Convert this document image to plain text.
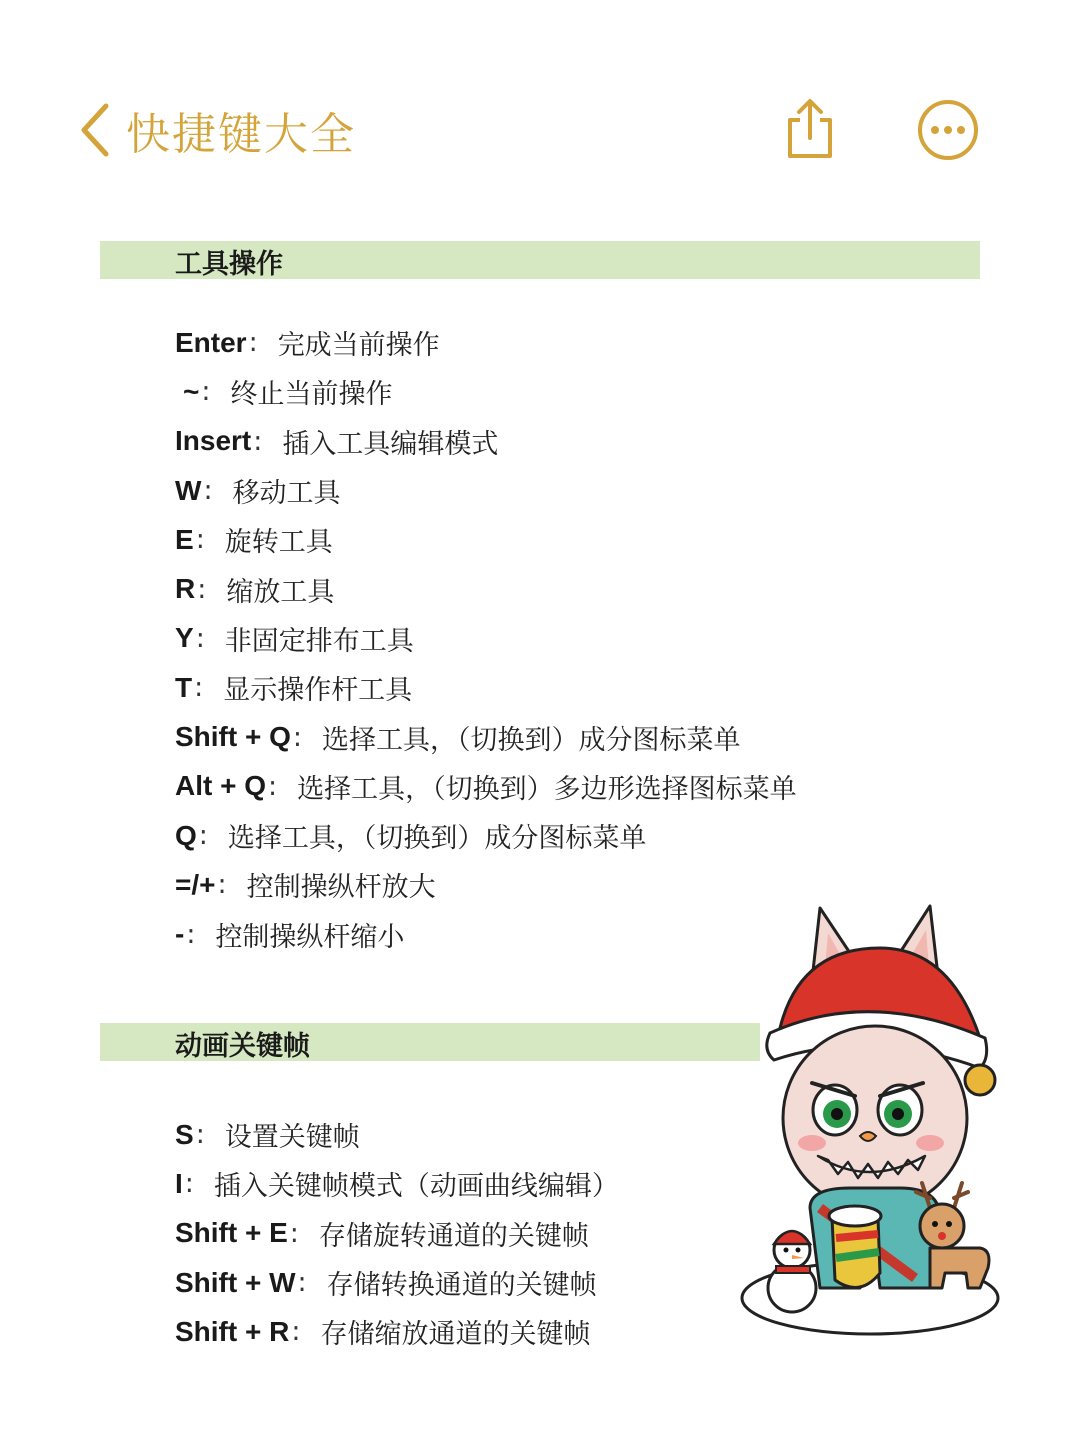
快捷键大全
工具操作
Enter : 完成当前操作
~ : 终止当前操作
Insert : 插入工具编辑模式
W : 移动工具
E : 旋转工具
R : 缩放工具
Y : 非固定排布工具
T : 显示操作杆工具
Shift + Q : 选择工具，（切换到）成分图标菜单
Alt + Q : 选择工具，（切换到）多边形选择图标菜单
Q : 选择工具，（切换到）成分图标菜单
=/+ : 控制操纵杆放大
- : 控制操纵杆缩小
动画关键帧
S : 设置关键帧
I : 插入关键帧模式（动画曲线编辑）
Shift + E : 存储旋转通道的关键帧
Shift + W : 存储转换通道的关键帧
Shift + R : 存储缩放通道的关键帧
